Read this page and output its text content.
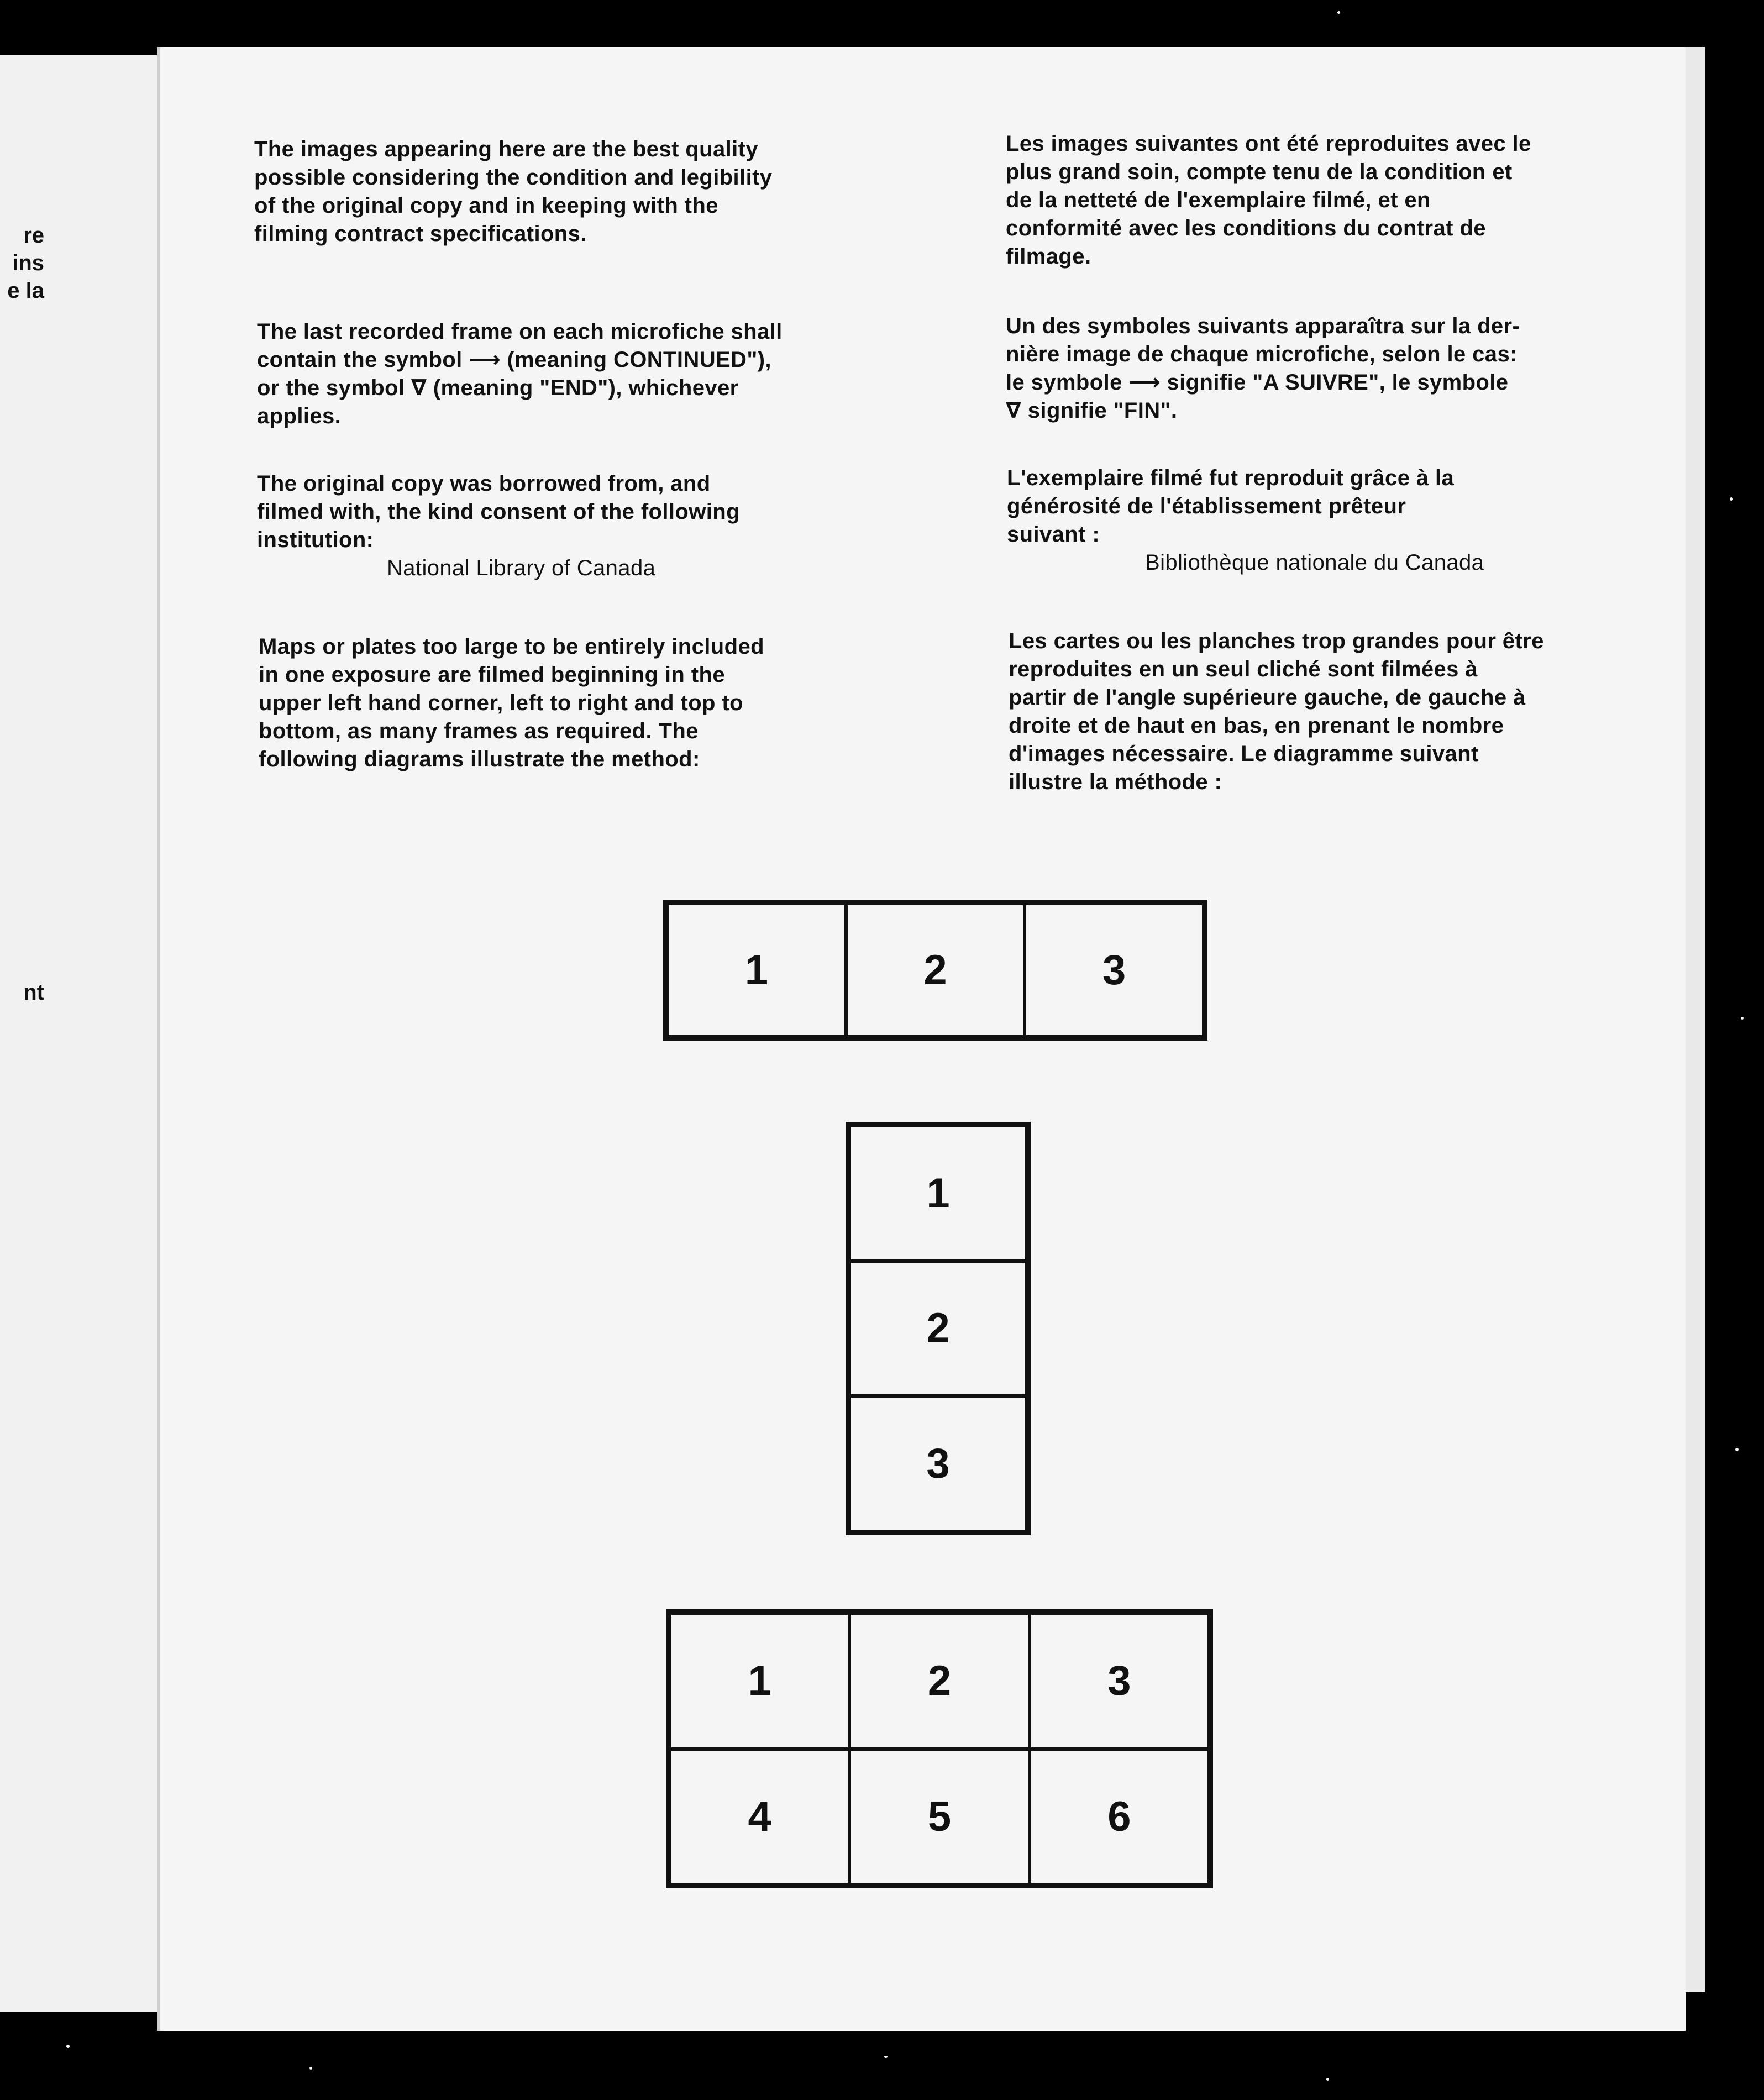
re
ins
e la
nt

The images appearing here are the best quality
possible considering the condition and legibility
of the original copy and in keeping with the
filming contract specifications.

The last recorded frame on each microfiche shall
contain the symbol ⟶ (meaning CONTINUED"),
or the symbol ∇ (meaning "END"), whichever
applies.

The original copy was borrowed from, and
filmed with, the kind consent of the following
institution:
National Library of Canada

Maps or plates too large to be entirely included
in one exposure are filmed beginning in the
upper left hand corner, left to right and top to
bottom, as many frames as required. The
following diagrams illustrate the method:

Les images suivantes ont été reproduites avec le
plus grand soin, compte tenu de la condition et
de la netteté de l'exemplaire filmé, et en
conformité avec les conditions du contrat de
filmage.

Un des symboles suivants apparaîtra sur la der-
nière image de chaque microfiche, selon le cas:
le symbole ⟶ signifie "A SUIVRE", le symbole
∇ signifie "FIN".

L'exemplaire filmé fut reproduit grâce à la
générosité de l'établissement prêteur
suivant :
Bibliothèque nationale du Canada

Les cartes ou les planches trop grandes pour être
reproduites en un seul cliché sont filmées à
partir de l'angle supérieure gauche, de gauche à
droite et de haut en bas, en prenant le nombre
d'images nécessaire. Le diagramme suivant
illustre la méthode :

1	2	3
1
2
3
1	2	3
4	5	6
